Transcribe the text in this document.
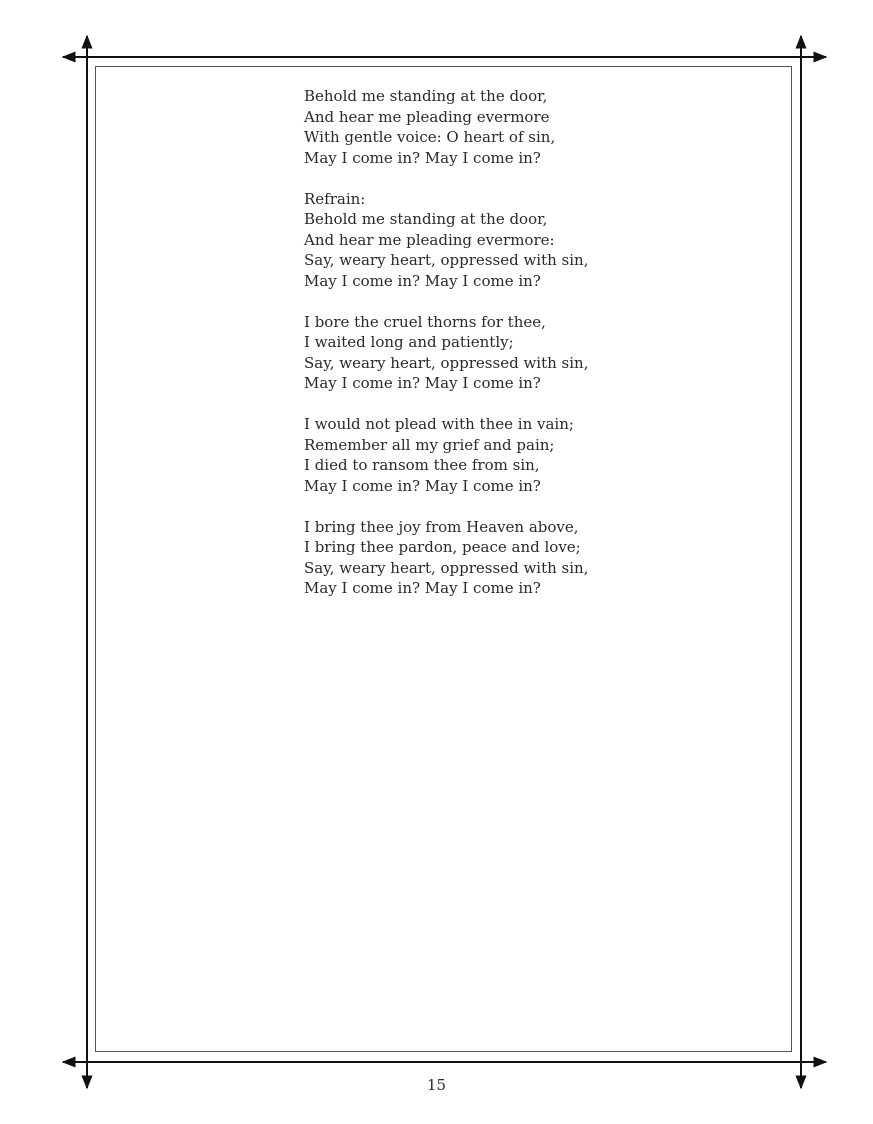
Behold me standing at the door,
And hear me pleading evermore
With gentle voice: O heart of sin,
May I come in? May I come in?
Refrain:
Behold me standing at the door,
And hear me pleading evermore:
Say, weary heart, oppressed with sin,
May I come in? May I come in?
I bore the cruel thorns for thee,
I waited long and patiently;
Say, weary heart, oppressed with sin,
May I come in? May I come in?
I would not plead with thee in vain;
Remember all my grief and pain;
I died to ransom thee from sin,
May I come in? May I come in?
I bring thee joy from Heaven above,
I bring thee pardon, peace and love;
Say, weary heart, oppressed with sin,
May I come in? May I come in?
15
